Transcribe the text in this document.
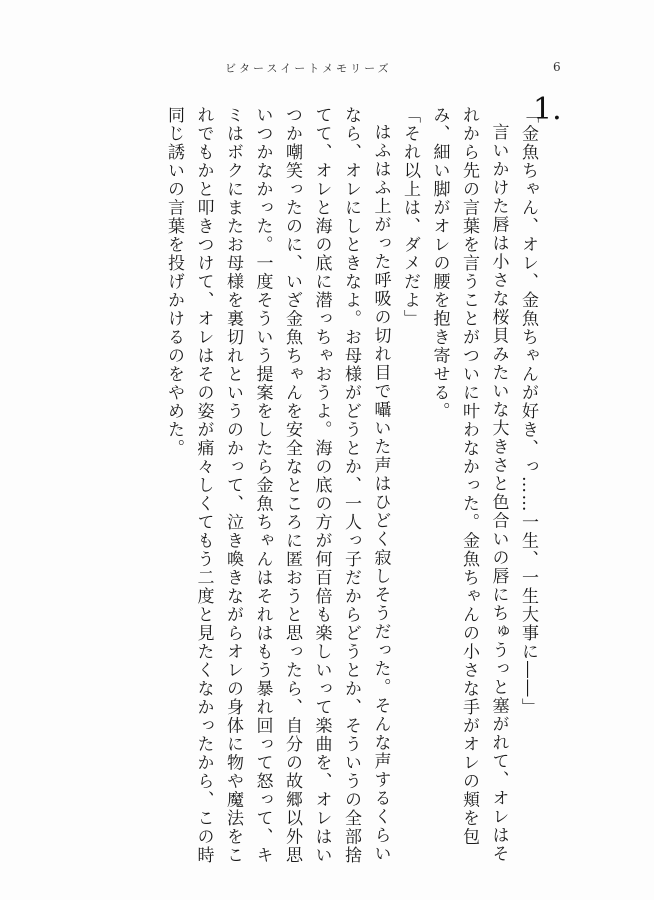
ビタースイートメモリーズ	6
1.

「金魚ちゃん、オレ、金魚ちゃんが好き、っ……一生、一生大事に――」

言いかけた唇は小さな桜貝みたいな大きさと色合いの唇にちゅうっと塞がれて、オレはそれから先の言葉を言うことがついに叶わなかった。金魚ちゃんの小さな手がオレの頬を包み、細い脚がオレの腰を抱き寄せる。

「それ以上は、ダメだよ」

はふはふ上がった呼吸の切れ目で囁いた声はひどく寂しそうだった。そんな声するくらいなら、オレにしときなよ。お母様がどうとか、一人っ子だからどうとか、そういうの全部捨てて、オレと海の底に潜っちゃおうよ。海の底の方が何百倍も楽しいって楽曲を、オレはいつか嘲笑ったのに、いざ金魚ちゃんを安全なところに匿おうと思ったら、自分の故郷以外思いつかなかった。一度そういう提案をしたら金魚ちゃんはそれはもう暴れ回って怒って、キミはボクにまたお母様を裏切れというのかって、泣き喚きながらオレの身体に物や魔法をこれでもかと叩きつけて、オレはその姿が痛々しくてもう二度と見たくなかったから、この時同じ誘いの言葉を投げかけるのをやめた。
